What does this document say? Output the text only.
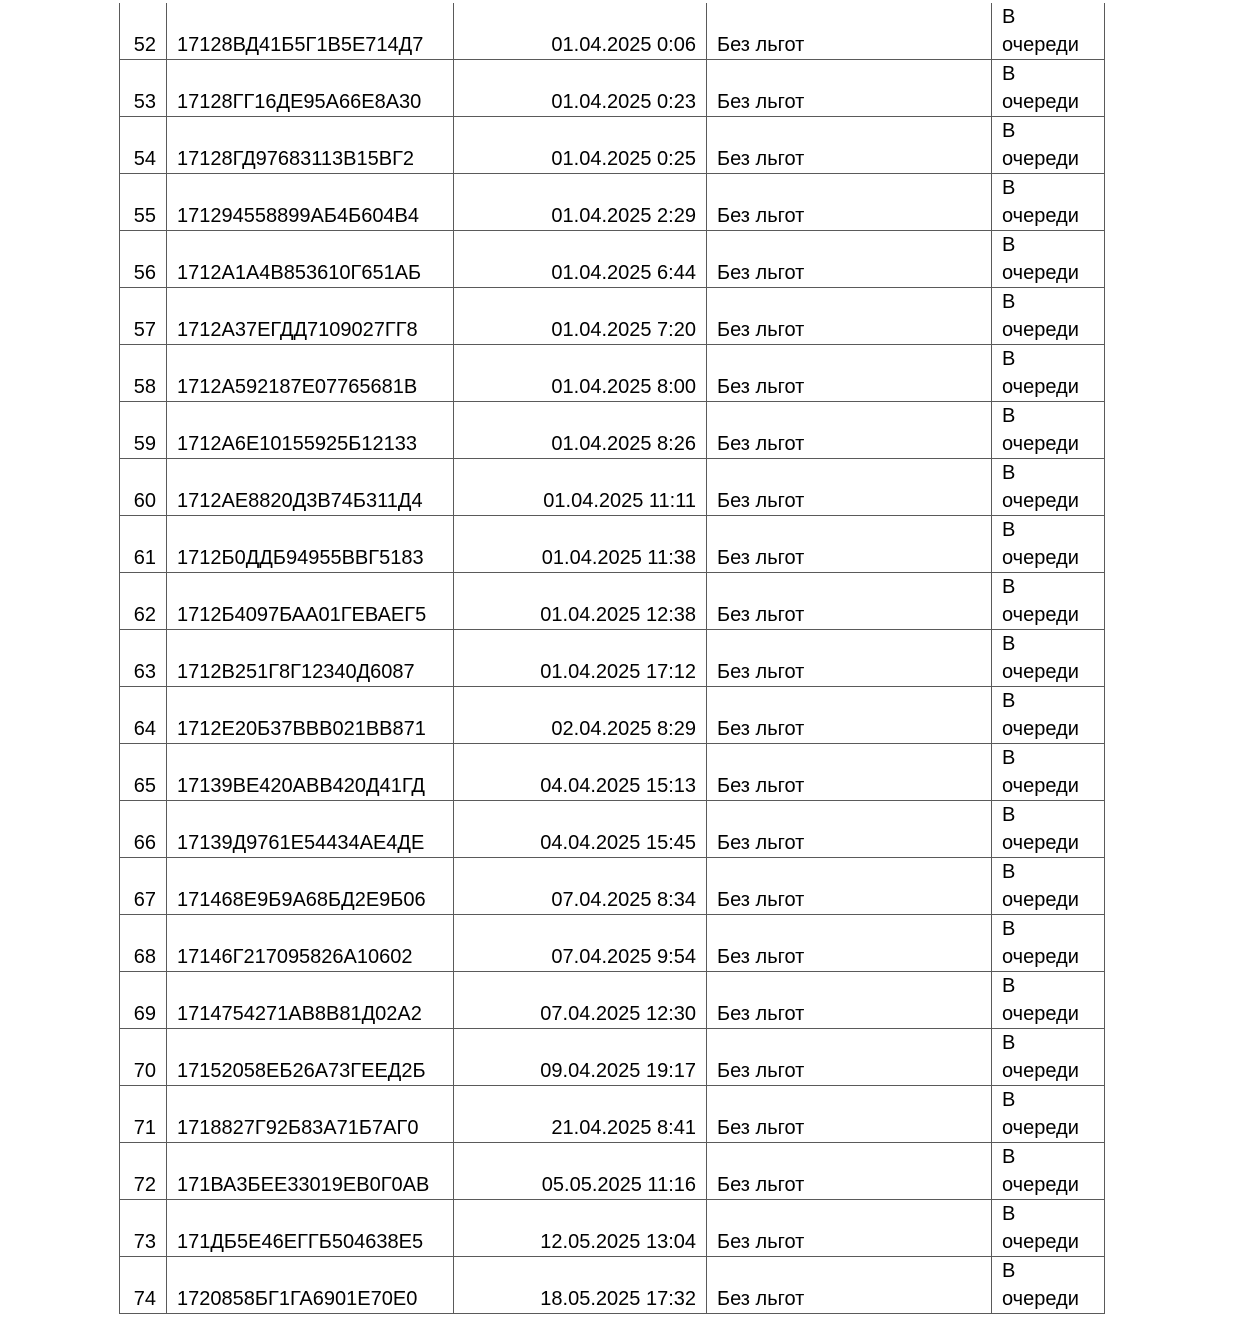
52	17128ВД41Б5Г1В5Е714Д7	01.04.2025 0:06	Без льгот	В
очереди

53	17128ГГ16ДЕ95А66Е8А30	01.04.2025 0:23	Без льгот	В
очереди

54	17128ГД97683113В15ВГ2	01.04.2025 0:25	Без льгот	В
очереди

55	171294558899АБ4Б604В4	01.04.2025 2:29	Без льгот	В
очереди

56	1712А1А4В853610Г651АБ	01.04.2025 6:44	Без льгот	В
очереди

57	1712А37ЕГДД7109027ГГ8	01.04.2025 7:20	Без льгот	В
очереди

58	1712А592187Е07765681В	01.04.2025 8:00	Без льгот	В
очереди

59	1712А6Е10155925Б12133	01.04.2025 8:26	Без льгот	В
очереди

60	1712АЕ8820Д3В74Б311Д4	01.04.2025 11:11	Без льгот	В
очереди

61	1712Б0ДДБ94955ВВГ5183	01.04.2025 11:38	Без льгот	В
очереди

62	1712Б4097БАА01ГЕВАЕГ5	01.04.2025 12:38	Без льгот	В
очереди

63	1712В251Г8Г12340Д6087	01.04.2025 17:12	Без льгот	В
очереди

64	1712Е20Б37ВВВ021ВВ871	02.04.2025 8:29	Без льгот	В
очереди

65	17139ВЕ420АВВ420Д41ГД	04.04.2025 15:13	Без льгот	В
очереди

66	17139Д9761Е54434АЕ4ДЕ	04.04.2025 15:45	Без льгот	В
очереди

67	171468Е9Б9А68БД2Е9Б06	07.04.2025 8:34	Без льгот	В
очереди

68	17146Г217095826А10602	07.04.2025 9:54	Без льгот	В
очереди

69	1714754271АВ8В81Д02А2	07.04.2025 12:30	Без льгот	В
очереди

70	17152058ЕБ26А73ГЕЕД2Б	09.04.2025 19:17	Без льгот	В
очереди

71	1718827Г92Б83А71Б7АГ0	21.04.2025 8:41	Без льгот	В
очереди

72	171ВА3БЕЕ33019ЕВ0Г0АВ	05.05.2025 11:16	Без льгот	В
очереди

73	171ДБ5Е46ЕГГБ504638Е5	12.05.2025 13:04	Без льгот	В
очереди

74	1720858БГ1ГА6901Е70Е0	18.05.2025 17:32	Без льгот	В
очереди
